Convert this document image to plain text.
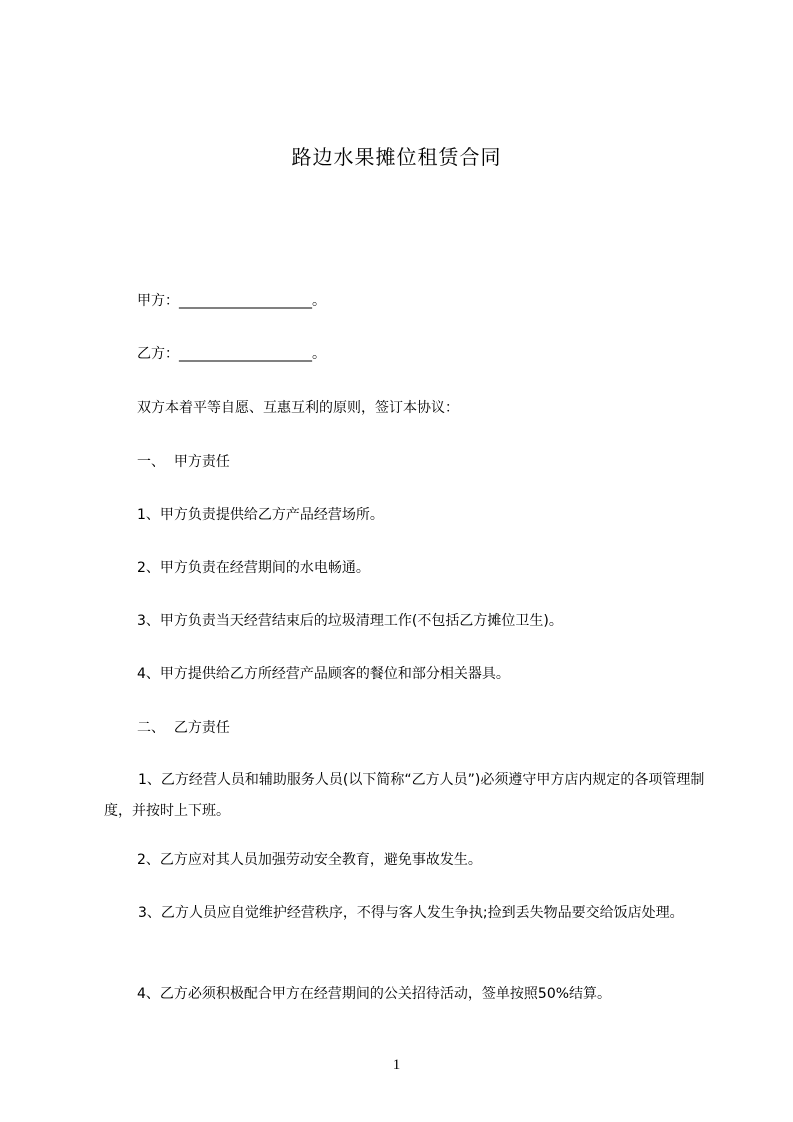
路边水果摊位租赁合同
甲方：___________________。
乙方：___________________。
双方本着平等自愿、互惠互利的原则，签订本协议：
一、  甲方责任
1、甲方负责提供给乙方产品经营场所。
2、甲方负责在经营期间的水电畅通。
3、甲方负责当天经营结束后的垃圾清理工作(不包括乙方摊位卫生)。
4、甲方提供给乙方所经营产品顾客的餐位和部分相关器具。
二、  乙方责任
1、乙方经营人员和辅助服务人员(以下简称“乙方人员”)必须遵守甲方店内规定的各项管理制度，并按时上下班。
2、乙方应对其人员加强劳动安全教育，避免事故发生。
3、乙方人员应自觉维护经营秩序，不得与客人发生争执;捡到丢失物品要交给饭店处理。
4、乙方必须积极配合甲方在经营期间的公关招待活动，签单按照50%结算。
1
